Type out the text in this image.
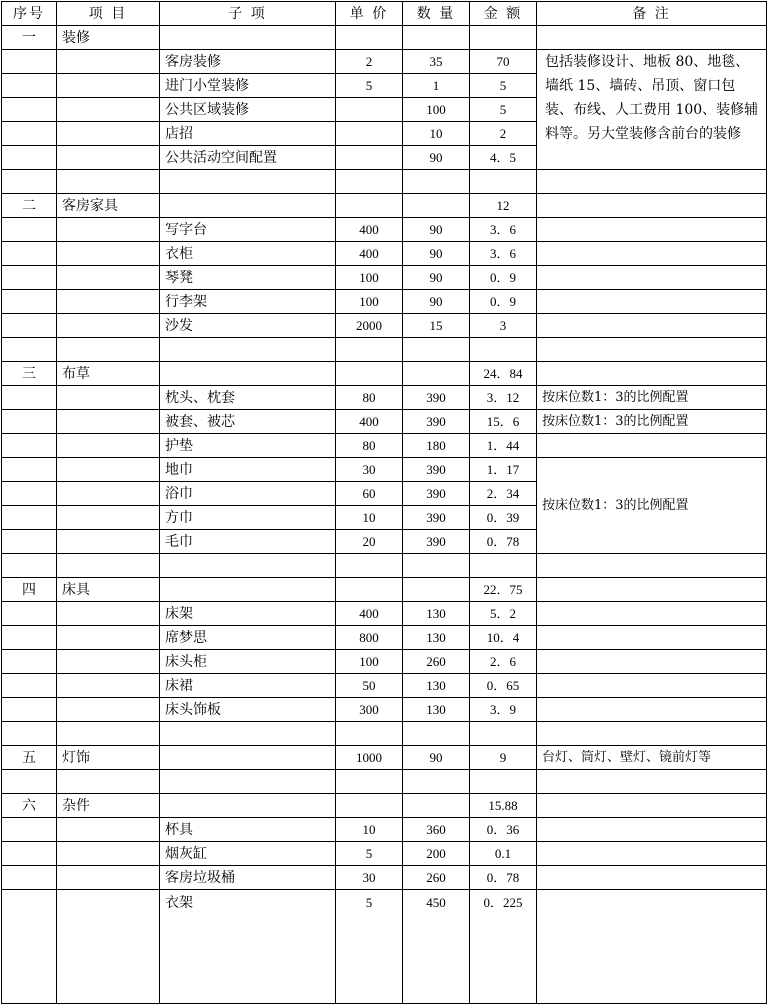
序号	项 目	子 项	单 价	数 量	金 额	备 注
一	装修					
		客房装修	2	35	70	包括装修设计、地板 80、地毯、墙纸 15、墙砖、吊顶、窗口包装、布线、人工费用 100、装修辅料等。另大堂装修含前台的装修
		进门小堂装修	5	1	5	
		公共区域装修		100	5	
		店招		10	2	
		公共活动空间配置		90	4．5	

二	客房家具				12	
		写字台	400	90	3．6	
		衣柜	400	90	3．6	
		琴凳	100	90	0．9	
		行李架	100	90	0．9	
		沙发	2000	15	3	

三	布草				24．84	
		枕头、枕套	80	390	3．12	按床位数1：3的比例配置
		被套、被芯	400	390	15．6	按床位数1：3的比例配置
		护垫	80	180	1．44	
		地巾	30	390	1．17	按床位数1：3的比例配置
		浴巾	60	390	2．34	
		方巾	10	390	0．39	
		毛巾	20	390	0．78	

四	床具				22．75	
		床架	400	130	5．2	
		席梦思	800	130	10．4	
		床头柜	100	260	2．6	
		床裙	50	130	0．65	
		床头饰板	300	130	3．9	

五	灯饰		1000	90	9	台灯、筒灯、壁灯、镜前灯等

六	杂件				15.88	
		杯具	10	360	0．36	
		烟灰缸	5	200	0.1	
		客房垃圾桶	30	260	0．78	
		衣架	5	450	0．225	
